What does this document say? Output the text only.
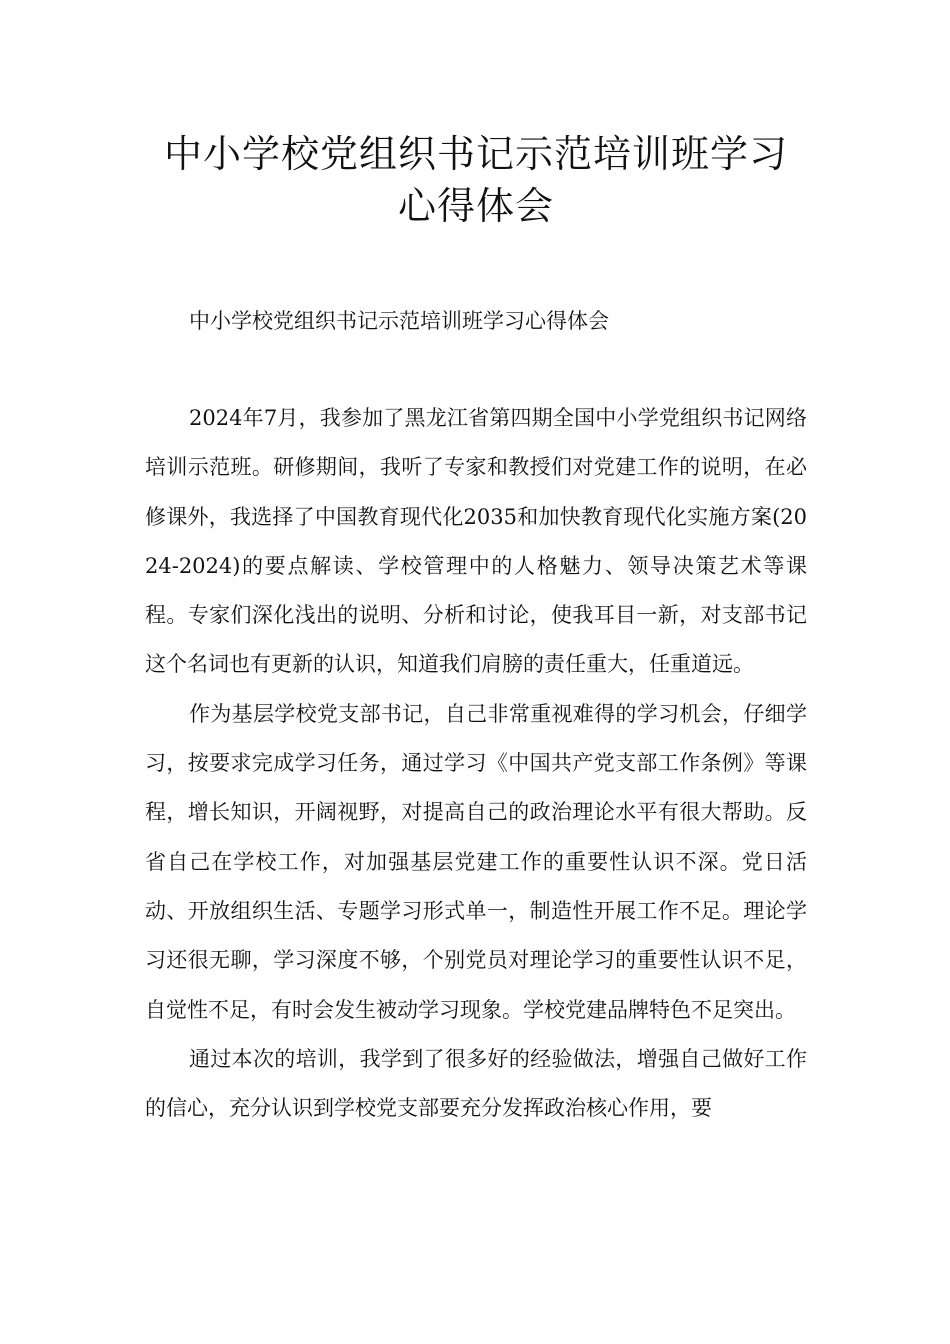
中小学校党组织书记示范培训班学习心得体会

中小学校党组织书记示范培训班学习心得体会

2024年7月，我参加了黑龙江省第四期全国中小学党组织书记网络培训示范班。研修期间，我听了专家和教授们对党建工作的说明，在必修课外，我选择了中国教育现代化2035和加快教育现代化实施方案(2024-2024)的要点解读、学校管理中的人格魅力、领导决策艺术等课程。专家们深化浅出的说明、分析和讨论，使我耳目一新，对支部书记这个名词也有更新的认识，知道我们肩膀的责任重大，任重道远。

作为基层学校党支部书记，自己非常重视难得的学习机会，仔细学习，按要求完成学习任务，通过学习《中国共产党支部工作条例》等课程，增长知识，开阔视野，对提高自己的政治理论水平有很大帮助。反省自己在学校工作，对加强基层党建工作的重要性认识不深。党日活动、开放组织生活、专题学习形式单一，制造性开展工作不足。理论学习还很无聊，学习深度不够，个别党员对理论学习的重要性认识不足，自觉性不足，有时会发生被动学习现象。学校党建品牌特色不足突出。

通过本次的培训，我学到了很多好的经验做法，增强自己做好工作的信心，充分认识到学校党支部要充分发挥政治核心作用，要
